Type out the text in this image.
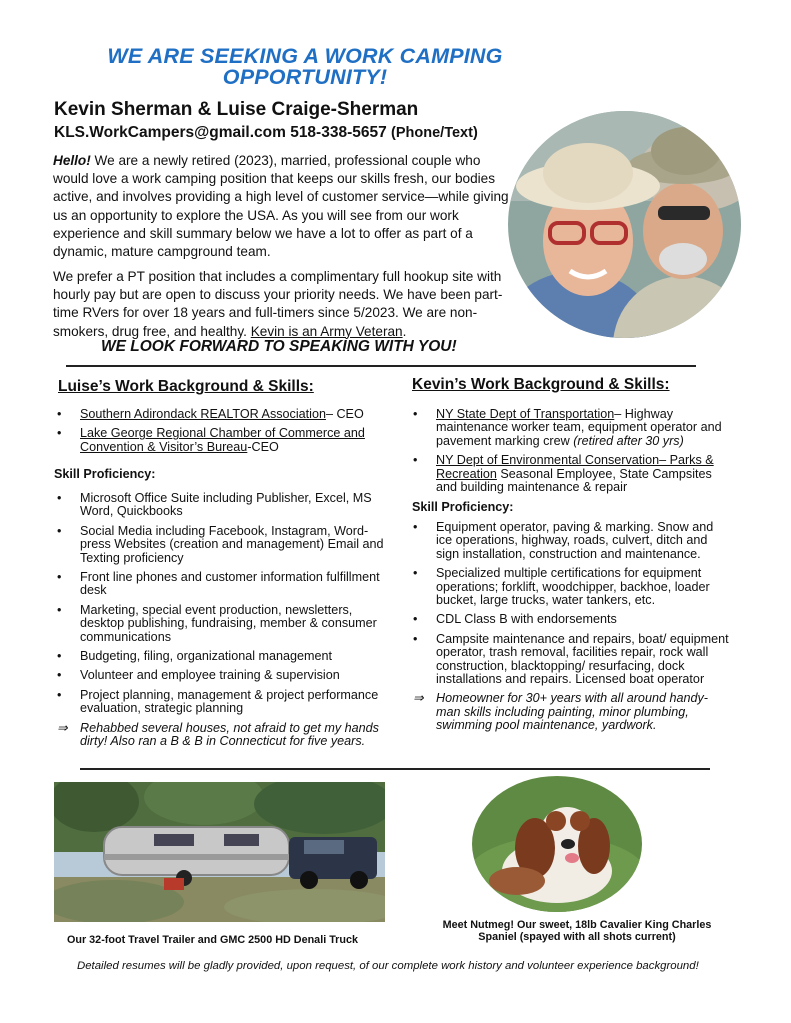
WE ARE SEEKING A WORK CAMPING
OPPORTUNITY!
Kevin Sherman & Luise Craige-Sherman
KLS.WorkCampers@gmail.com 518-338-5657 (Phone/Text)
Hello! We are a newly retired (2023), married, professional couple who would love a work camping position that keeps our skills fresh, our bodies active, and involves providing a high level of customer service—while giving us an opportunity to explore the USA. As you will see from our work experience and skill summary below we have a lot to offer as part of a dynamic, mature campground team.
We prefer a PT position that includes a complimentary full hookup site with hourly pay but are open to discuss your priority needs. We have been part-time RVers for over 18 years and full-timers since 5/2023. We are non-smokers, drug free, and healthy. Kevin is an Army Veteran.
WE LOOK FORWARD TO SPEAKING WITH YOU!
Luise’s Work Background & Skills:
• Southern Adirondack REALTOR Association– CEO
• Lake George Regional Chamber of Commerce and Convention & Visitor’s Bureau-CEO
Skill Proficiency:
• Microsoft Office Suite including Publisher, Excel, MS Word, Quickbooks
• Social Media including Facebook, Instagram, Word-press Websites (creation and management) Email and Texting proficiency
• Front line phones and customer information fulfillment desk
• Marketing, special event production, newsletters, desktop publishing, fundraising, member & consumer communications
• Budgeting, filing, organizational management
• Volunteer and employee training & supervision
• Project planning, management & project performance evaluation, strategic planning
⇒ Rehabbed several houses, not afraid to get my hands dirty! Also ran a B & B in Connecticut for five years.
Kevin’s Work Background & Skills:
• NY State Dept of Transportation– Highway maintenance worker team, equipment operator and pavement marking crew (retired after 30 yrs)
• NY Dept of Environmental Conservation– Parks & Recreation Seasonal Employee, State Campsites and building maintenance & repair
Skill Proficiency:
• Equipment operator, paving & marking. Snow and ice operations, highway, roads, culvert, ditch and sign installation, construction and maintenance.
• Specialized multiple certifications for equipment operations; forklift, woodchipper, backhoe, loader bucket, large trucks, water tankers, etc.
• CDL Class B with endorsements
• Campsite maintenance and repairs, boat/ equipment operator, trash removal, facilities repair, rock wall construction, blacktopping/ resurfacing, dock installations and repairs. Licensed boat operator
⇒ Homeowner for 30+ years with all around handy-man skills including painting, minor plumbing, swimming pool maintenance, yardwork.
Our 32-foot Travel Trailer and GMC 2500 HD Denali Truck
Meet Nutmeg! Our sweet, 18lb Cavalier King Charles Spaniel (spayed with all shots current)
Detailed resumes will be gladly provided, upon request, of our complete work history and volunteer experience background!
